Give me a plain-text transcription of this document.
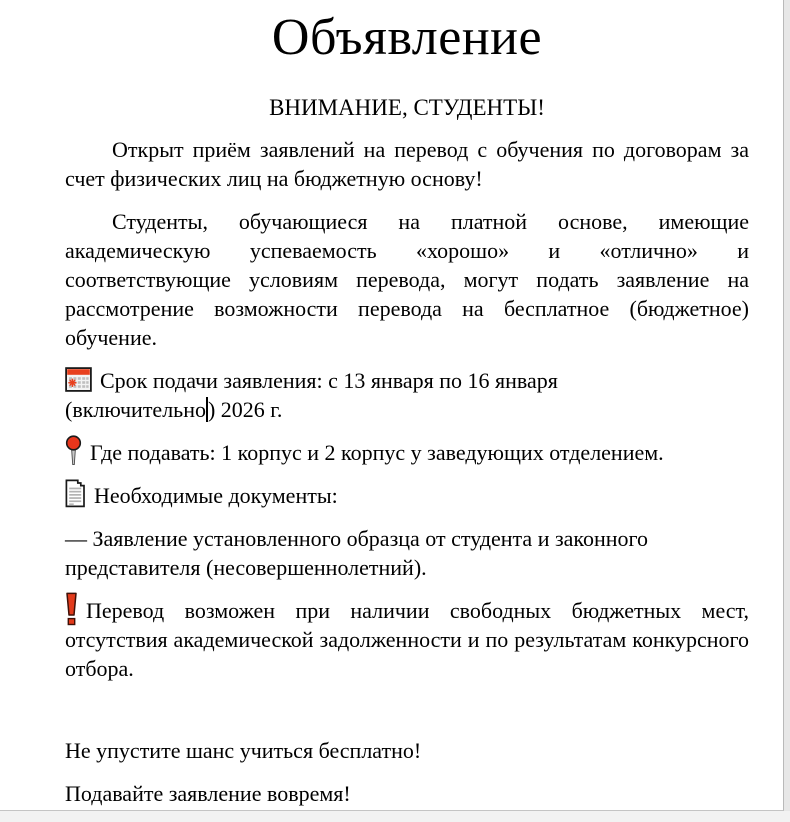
Объявление

ВНИМАНИЕ, СТУДЕНТЫ!

Открыт приём заявлений на перевод с обучения по договорам за счет физических лиц на бюджетную основу!

Студенты, обучающиеся на платной основе, имеющие академическую успеваемость «хорошо» и «отлично» и соответствующие условиям перевода, могут подать заявление на рассмотрение возможности перевода на бесплатное (бюджетное) обучение.

Срок подачи заявления: с 13 января по 16 января
(включительно) 2026 г.

Где подавать: 1 корпус и 2 корпус у заведующих отделением.

Необходимые документы:

— Заявление установленного образца от студента и законного представителя (несовершеннолетний).

Перевод возможен при наличии свободных бюджетных мест, отсутствия академической задолженности и по результатам конкурсного отбора.

Не упустите шанс учиться бесплатно!

Подавайте заявление вовремя!
